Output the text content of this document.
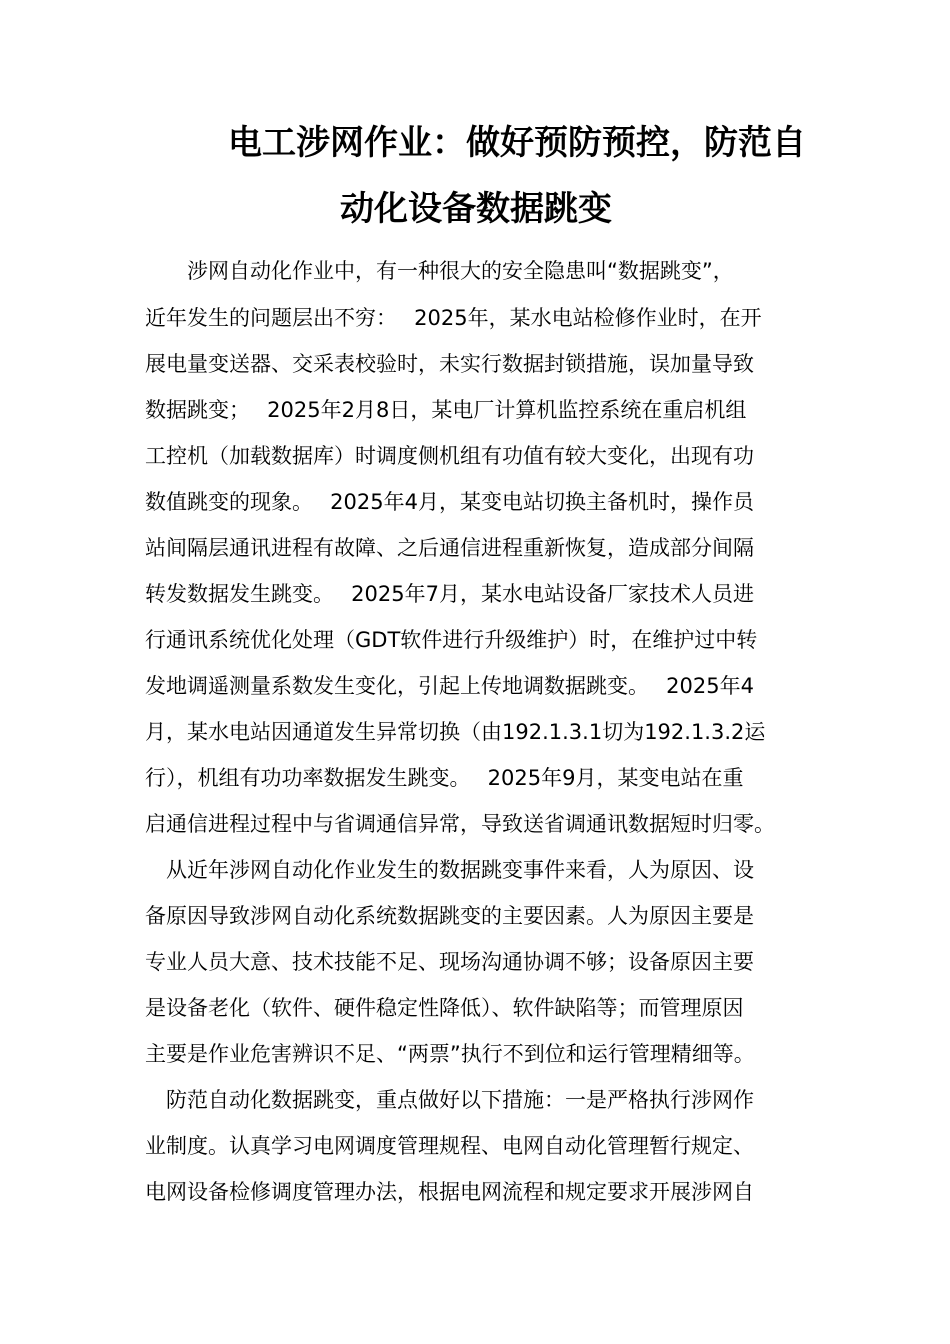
电工涉网作业：做好预防预控，防范自
动化设备数据跳变
　　涉网自动化作业中，有一种很大的安全隐患叫“数据跳变”，
近年发生的问题层出不穷：　 2025年，某水电站检修作业时，在开
展电量变送器、交采表校验时，未实行数据封锁措施，误加量导致
数据跳变；　 2025年2月8日，某电厂计算机监控系统在重启机组
工控机（加载数据库）时调度侧机组有功值有较大变化，出现有功
数值跳变的现象。　 2025年4月，某变电站切换主备机时，操作员
站间隔层通讯进程有故障、之后通信进程重新恢复，造成部分间隔
转发数据发生跳变。　 2025年7月，某水电站设备厂家技术人员进
行通讯系统优化处理（GDT软件进行升级维护）时，在维护过中转
发地调遥测量系数发生变化，引起上传地调数据跳变。　 2025年4
月，某水电站因通道发生异常切换（由192.1.3.1切为192.1.3.2运
行），机组有功功率数据发生跳变。　 2025年9月，某变电站在重
启通信进程过程中与省调通信异常，导致送省调通讯数据短时归零。
　从近年涉网自动化作业发生的数据跳变事件来看，人为原因、设
备原因导致涉网自动化系统数据跳变的主要因素。人为原因主要是
专业人员大意、技术技能不足、现场沟通协调不够；设备原因主要
是设备老化（软件、硬件稳定性降低）、软件缺陷等；而管理原因
主要是作业危害辨识不足、“两票”执行不到位和运行管理精细等。
　防范自动化数据跳变，重点做好以下措施：一是严格执行涉网作
业制度。认真学习电网调度管理规程、电网自动化管理暂行规定、
电网设备检修调度管理办法，根据电网流程和规定要求开展涉网自
